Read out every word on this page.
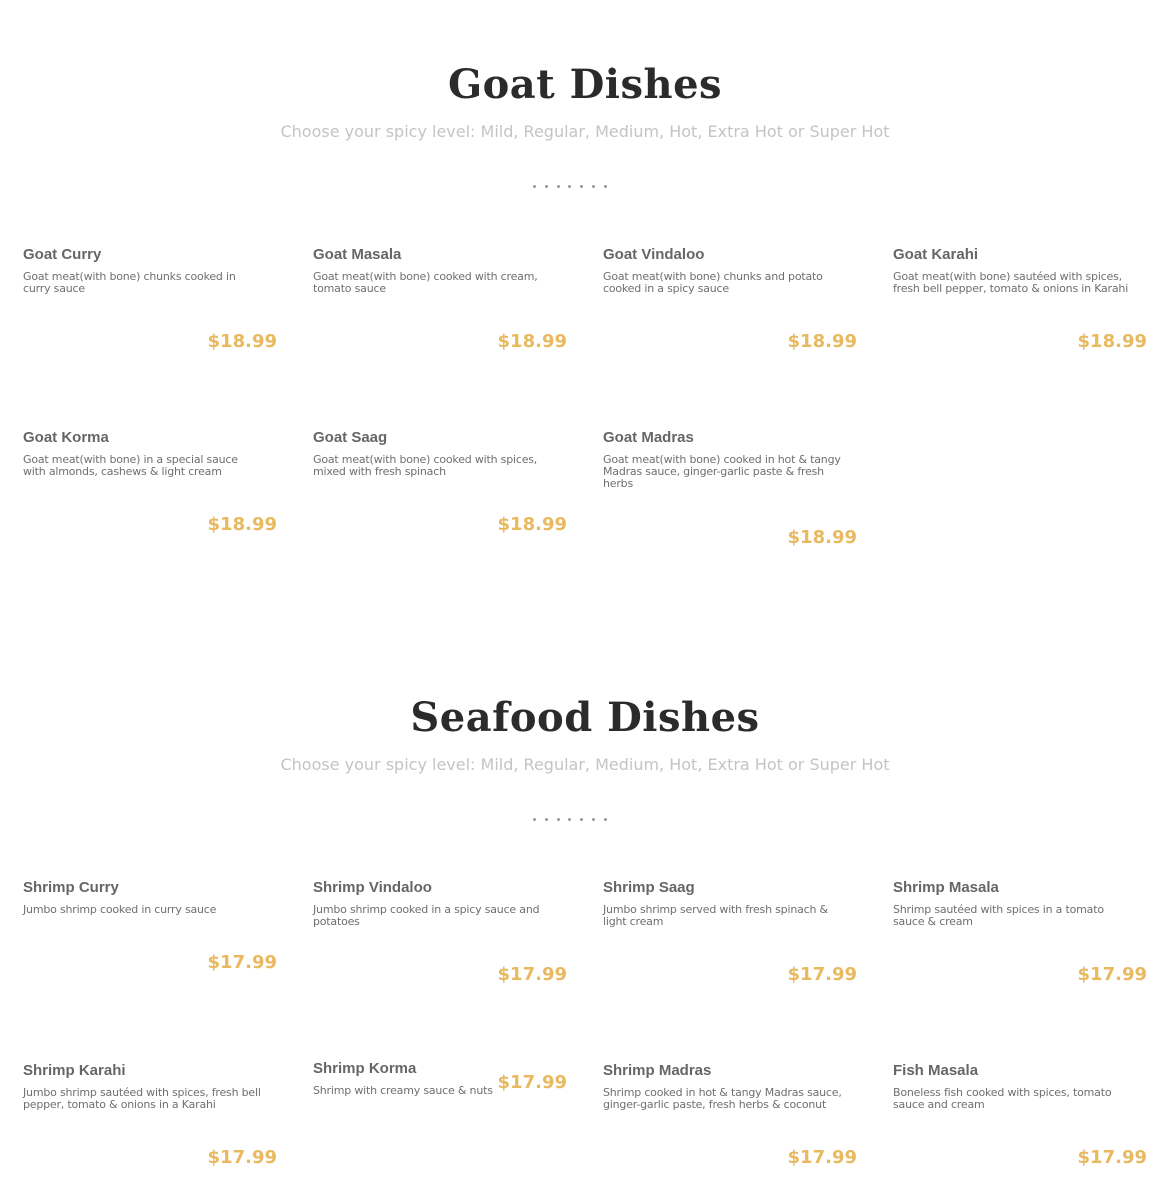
Goat Dishes

Choose your spicy level: Mild, Regular, Medium, Hot, Extra Hot or Super Hot

Goat Curry

Goat meat(with bone) chunks cooked in curry sauce

$18.99

Goat Masala

Goat meat(with bone) cooked with cream, tomato sauce

$18.99

Goat Vindaloo

Goat meat(with bone) chunks and potato cooked in a spicy sauce

$18.99

Goat Karahi

Goat meat(with bone) sautéed with spices, fresh bell pepper, tomato & onions in Karahi

$18.99

Goat Korma

Goat meat(with bone) in a special sauce with almonds, cashews & light cream

$18.99

Goat Saag

Goat meat(with bone) cooked with spices, mixed with fresh spinach

$18.99

Goat Madras

Goat meat(with bone) cooked in hot & tangy Madras sauce, ginger-garlic paste & fresh herbs

$18.99

Seafood Dishes

Choose your spicy level: Mild, Regular, Medium, Hot, Extra Hot or Super Hot

Shrimp Curry

Jumbo shrimp cooked in curry sauce

$17.99

Shrimp Vindaloo

Jumbo shrimp cooked in a spicy sauce and potatoes

$17.99

Shrimp Saag

Jumbo shrimp served with fresh spinach & light cream

$17.99

Shrimp Masala

Shrimp sautéed with spices in a tomato sauce & cream

$17.99

Shrimp Karahi

Jumbo shrimp sautéed with spices, fresh bell pepper, tomato & onions in a Karahi

$17.99

Shrimp Korma

Shrimp with creamy sauce & nuts $17.99

Shrimp Madras

Shrimp cooked in hot & tangy Madras sauce, ginger-garlic paste, fresh herbs & coconut

$17.99

Fish Masala

Boneless fish cooked with spices, tomato sauce and cream

$17.99
